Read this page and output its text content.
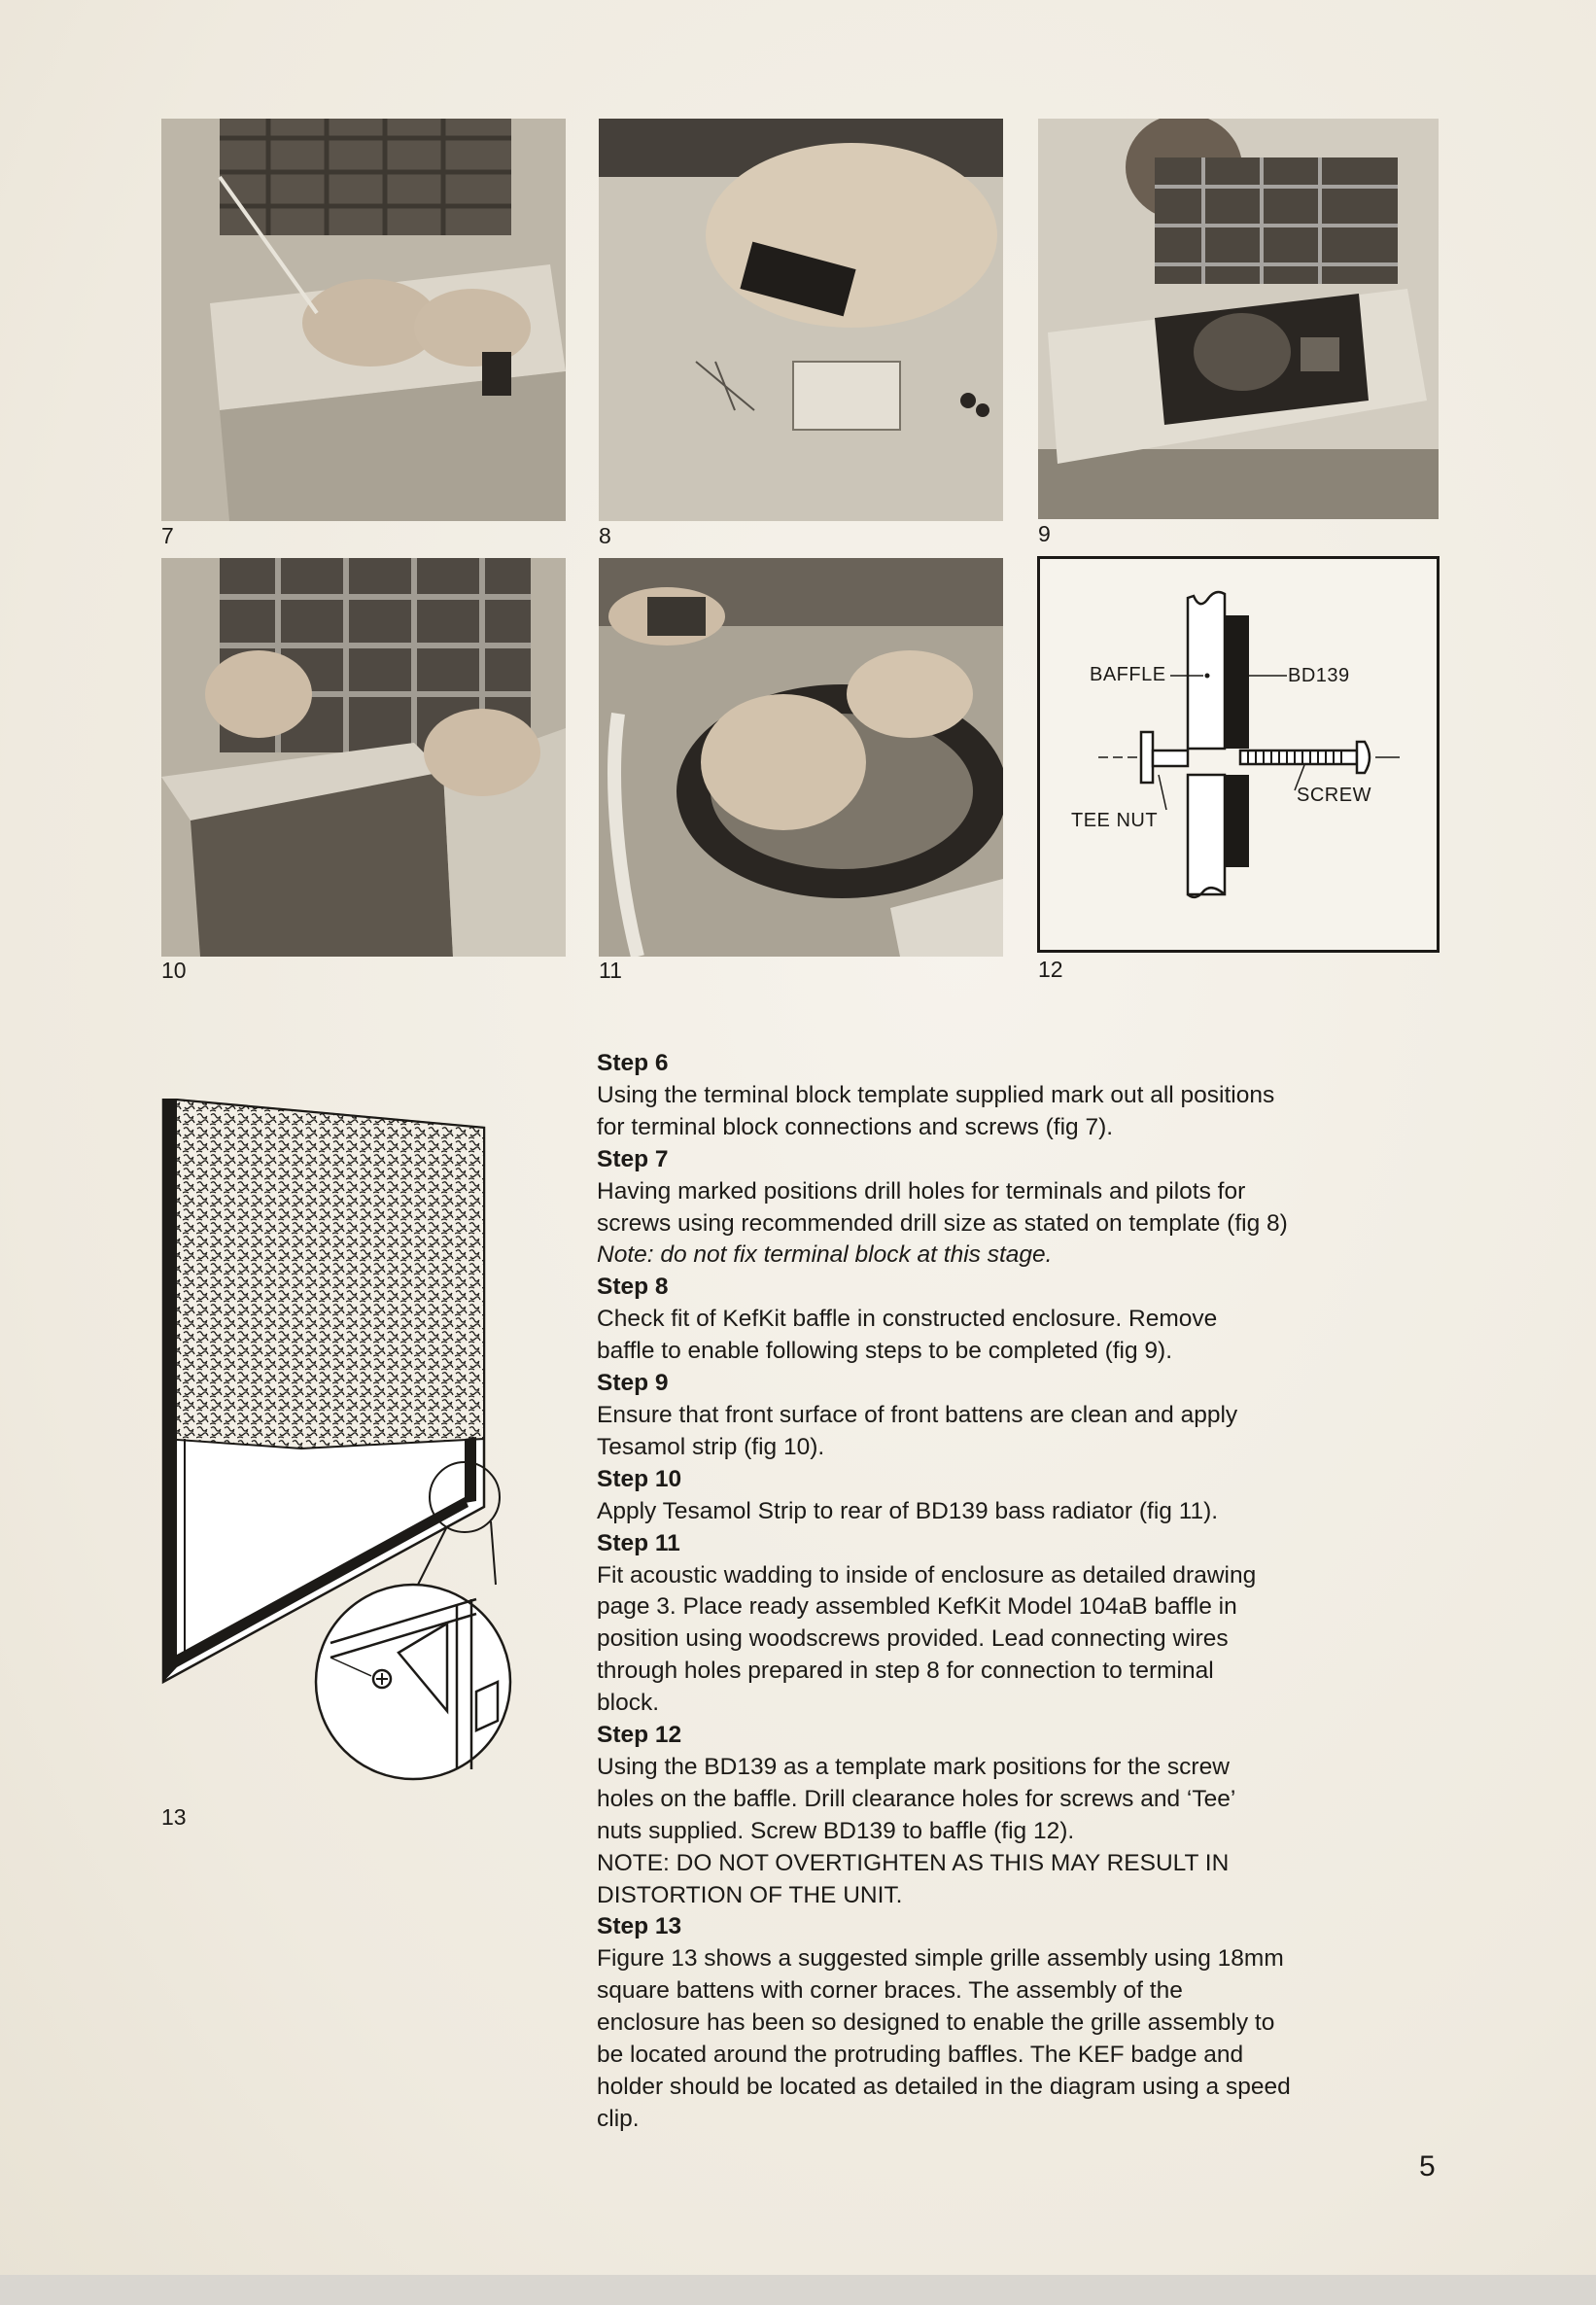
7	8	9
10	11
BAFFLE	BD139
SCREW
TEE NUT
12
13
Step 6
Using the terminal block template supplied mark out all positions
for terminal block connections and screws (fig 7).
Step 7
Having marked positions drill holes for terminals and pilots for
screws using recommended drill size as stated on template (fig 8)
Note: do not fix terminal block at this stage.
Step 8
Check fit of KefKit baffle in constructed enclosure. Remove
baffle to enable following steps to be completed (fig 9).
Step 9
Ensure that front surface of front battens are clean and apply
Tesamol strip (fig 10).
Step 10
Apply Tesamol Strip to rear of BD139 bass radiator (fig 11).
Step 11
Fit acoustic wadding to inside of enclosure as detailed drawing
page 3. Place ready assembled KefKit Model 104aB baffle in
position using woodscrews provided. Lead connecting wires
through holes prepared in step 8 for connection to terminal
block.
Step 12
Using the BD139 as a template mark positions for the screw
holes on the baffle. Drill clearance holes for screws and ‘Tee’
nuts supplied. Screw BD139 to baffle (fig 12).
NOTE: DO NOT OVERTIGHTEN AS THIS MAY RESULT IN
DISTORTION OF THE UNIT.
Step 13
Figure 13 shows a suggested simple grille assembly using 18mm
square battens with corner braces. The assembly of the
enclosure has been so designed to enable the grille assembly to
be located around the protruding baffles. The KEF badge and
holder should be located as detailed in the diagram using a speed
clip.
5
